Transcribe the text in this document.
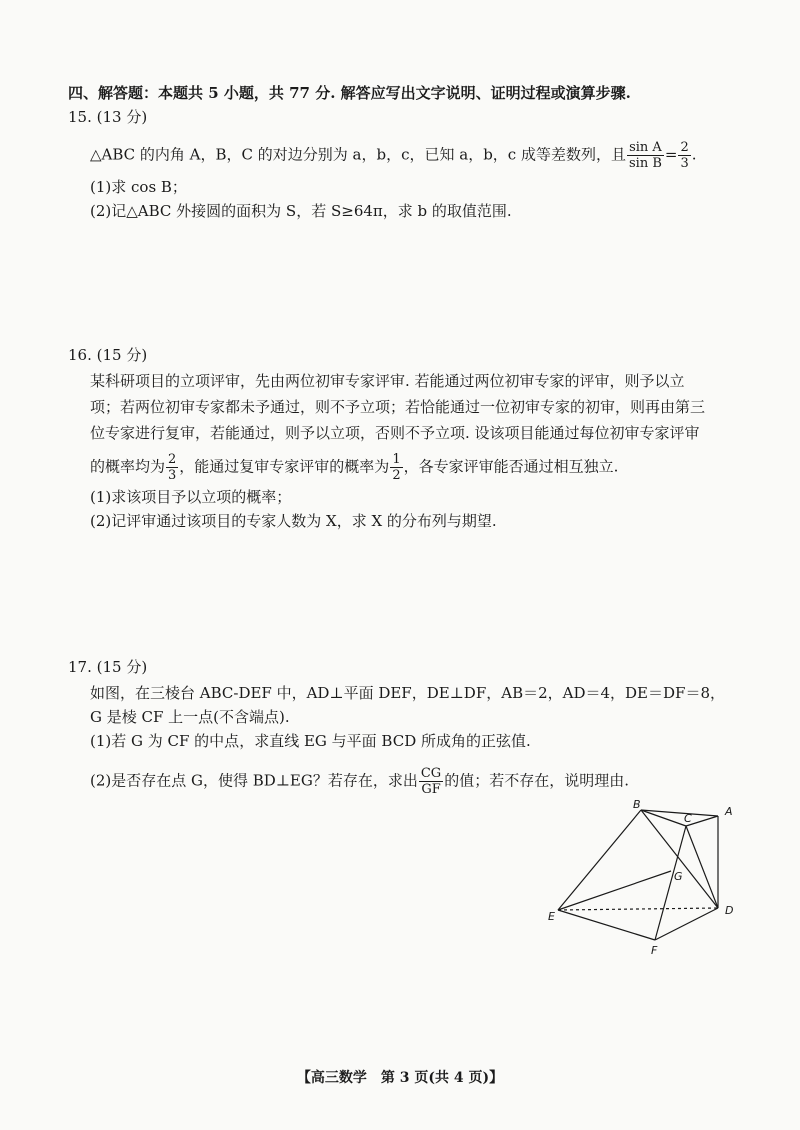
四、解答题：本题共 5 小题，共 77 分. 解答应写出文字说明、证明过程或演算步骤.
15. (13 分)
△ABC 的内角 A，B，C 的对边分别为 a，b，c，已知 a，b，c 成等差数列，且 $\frac{\text{sin A}}{\text{sin B}} = \frac{2}{3}$ .
(1)求 cos B；
(2)记△ABC 外接圆的面积为 S，若 S≥64π，求 b 的取值范围.
16. (15 分)
某科研项目的立项评审，先由两位初审专家评审. 若能通过两位初审专家的评审，则予以立
项；若两位初审专家都未予通过，则不予立项；若恰能通过一位初审专家的初审，则再由第三
位专家进行复审，若能通过，则予以立项，否则不予立项. 设该项目能通过每位初审专家评审
的概率均为 $\frac{2}{3}$ ，能通过复审专家评审的概率为 $\frac{1}{2}$ ，各专家评审能否通过相互独立.
(1)求该项目予以立项的概率；
(2)记评审通过该项目的专家人数为 X，求 X 的分布列与期望.
17. (15 分)
如图，在三棱台 ABC-DEF 中，AD⊥平面 DEF，DE⊥DF，AB＝2，AD＝4，DE＝DF＝8，
G 是棱 CF 上一点(不含端点).
(1)若 G 为 CF 的中点，求直线 EG 与平面 BCD 所成角的正弦值.
(2)是否存在点 G，使得 BD⊥EG？若存在，求出 $\frac{CG}{GF}$ 的值；若不存在，说明理由.
B
A
C
G
D
E
F
【高三数学　第 3 页(共 4 页)】
